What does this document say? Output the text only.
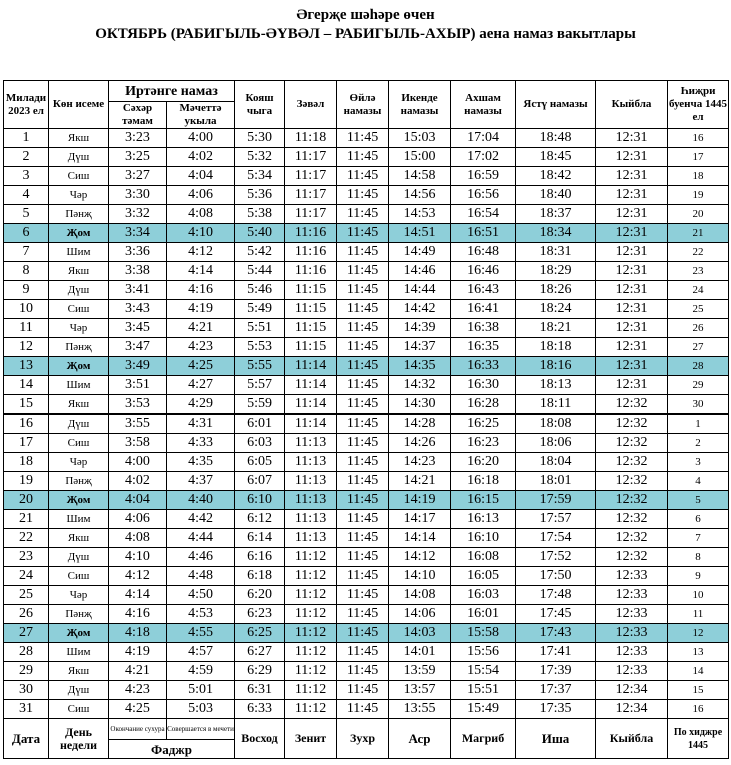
Әгерҗе шәһәре өчен
ОКТЯБРЬ (РАБИГЫЛЬ-ӘҮВӘЛ – РАБИГЫЛЬ-АХЫР) аена намаз вакытлары
Милади 2023 ел	Көн исеме	Иртәнге намаз		Кояш чыга	Зәвәл	Өйлә намазы	Икенде намазы	Ахшам намазы	Ястү намазы	Кыйбла	Һиҗри буенча 1445 ел
		Сәхәр тәмам	Мәчеттә укыла								
1	Якш	3:23	4:00	5:30	11:18	11:45	15:03	17:04	18:48	12:31	16
2	Дүш	3:25	4:02	5:32	11:17	11:45	15:00	17:02	18:45	12:31	17
3	Сиш	3:27	4:04	5:34	11:17	11:45	14:58	16:59	18:42	12:31	18
4	Чәр	3:30	4:06	5:36	11:17	11:45	14:56	16:56	18:40	12:31	19
5	Пәнҗ	3:32	4:08	5:38	11:17	11:45	14:53	16:54	18:37	12:31	20
6	Җом	3:34	4:10	5:40	11:16	11:45	14:51	16:51	18:34	12:31	21
7	Шим	3:36	4:12	5:42	11:16	11:45	14:49	16:48	18:31	12:31	22
8	Якш	3:38	4:14	5:44	11:16	11:45	14:46	16:46	18:29	12:31	23
9	Дүш	3:41	4:16	5:46	11:15	11:45	14:44	16:43	18:26	12:31	24
10	Сиш	3:43	4:19	5:49	11:15	11:45	14:42	16:41	18:24	12:31	25
11	Чәр	3:45	4:21	5:51	11:15	11:45	14:39	16:38	18:21	12:31	26
12	Пәнҗ	3:47	4:23	5:53	11:15	11:45	14:37	16:35	18:18	12:31	27
13	Җом	3:49	4:25	5:55	11:14	11:45	14:35	16:33	18:16	12:31	28
14	Шим	3:51	4:27	5:57	11:14	11:45	14:32	16:30	18:13	12:31	29
15	Якш	3:53	4:29	5:59	11:14	11:45	14:30	16:28	18:11	12:32	30
16	Дүш	3:55	4:31	6:01	11:14	11:45	14:28	16:25	18:08	12:32	1
17	Сиш	3:58	4:33	6:03	11:13	11:45	14:26	16:23	18:06	12:32	2
18	Чәр	4:00	4:35	6:05	11:13	11:45	14:23	16:20	18:04	12:32	3
19	Пәнҗ	4:02	4:37	6:07	11:13	11:45	14:21	16:18	18:01	12:32	4
20	Җом	4:04	4:40	6:10	11:13	11:45	14:19	16:15	17:59	12:32	5
21	Шим	4:06	4:42	6:12	11:13	11:45	14:17	16:13	17:57	12:32	6
22	Якш	4:08	4:44	6:14	11:13	11:45	14:14	16:10	17:54	12:32	7
23	Дүш	4:10	4:46	6:16	11:12	11:45	14:12	16:08	17:52	12:32	8
24	Сиш	4:12	4:48	6:18	11:12	11:45	14:10	16:05	17:50	12:33	9
25	Чәр	4:14	4:50	6:20	11:12	11:45	14:08	16:03	17:48	12:33	10
26	Пәнҗ	4:16	4:53	6:23	11:12	11:45	14:06	16:01	17:45	12:33	11
27	Җом	4:18	4:55	6:25	11:12	11:45	14:03	15:58	17:43	12:33	12
28	Шим	4:19	4:57	6:27	11:12	11:45	14:01	15:56	17:41	12:33	13
29	Якш	4:21	4:59	6:29	11:12	11:45	13:59	15:54	17:39	12:33	14
30	Дүш	4:23	5:01	6:31	11:12	11:45	13:57	15:51	17:37	12:34	15
31	Сиш	4:25	5:03	6:33	11:12	11:45	13:55	15:49	17:35	12:34	16
Дата	День недели	Окончание сухура	Совершается в мечети	Восход	Зенит	Зухр	Аср	Магриб	Иша	Кыйбла	По хиджре 1445
		Фаджр									
